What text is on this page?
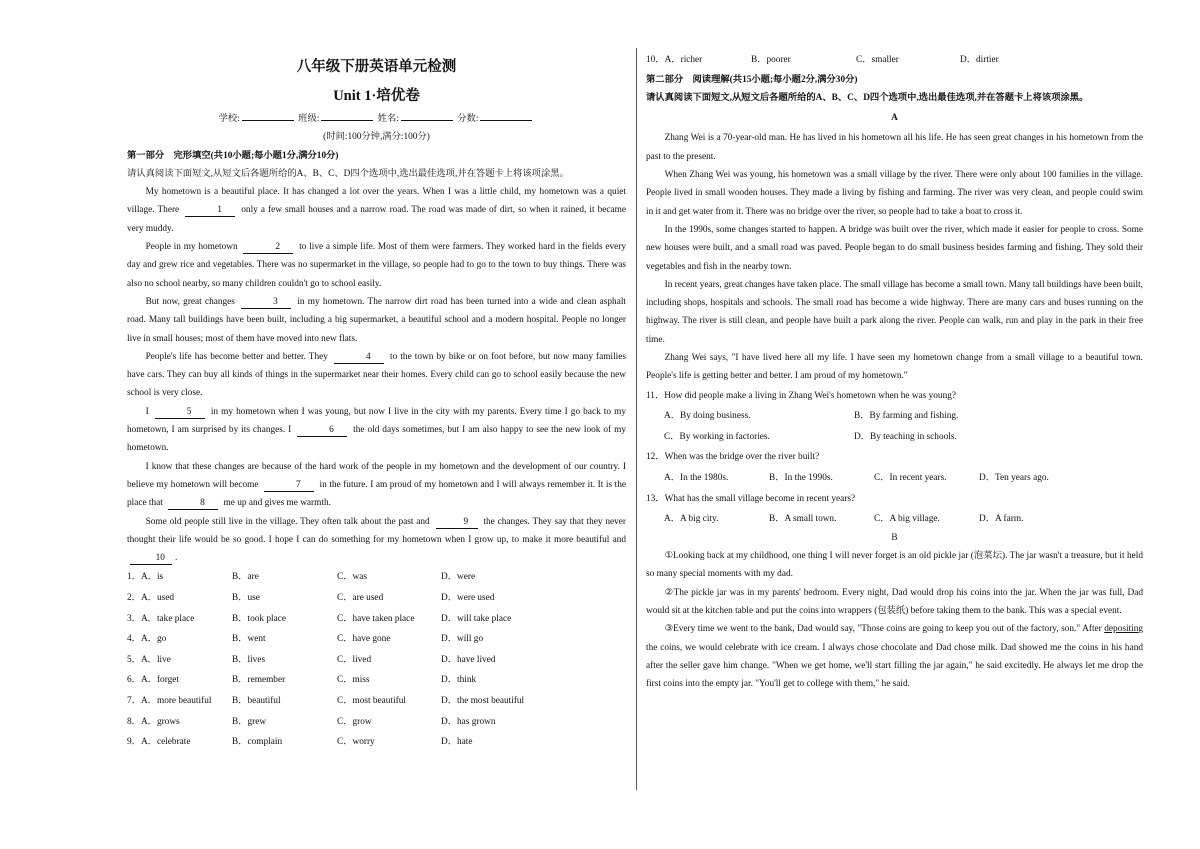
八年级下册英语单元检测
Unit 1·培优卷
学校:	班级:	姓名:	分数:
(时间:100分钟,满分:100分)
第一部分　完形填空(共10小题;每小题1分,满分10分)
请认真阅读下面短文,从短文后各题所给的A、B、C、D四个选项中,选出最佳选项,并在答题卡上将该项涂黑。

My hometown is a beautiful place. It has changed a lot over the years. When I was a little child, my hometown was a quiet village. There	1 only a few small houses and a narrow road. The road was made of dirt, so when it rained, it became very muddy.

People in my hometown	2 to live a simple life. Most of them were farmers. They worked hard in the fields every day and grew rice and vegetables. There was no supermarket in the village, so people had to go to the town to buy things. There was also no school nearby, so many children couldn't go to school easily.

But now, great changes	3 in my hometown. The narrow dirt road has been turned into a wide and clean asphalt road. Many tall buildings have been built, including a big supermarket, a beautiful school and a modern hospital. People no longer live in small houses; most of them have moved into new flats.

People's life has become better and better. They	4 to the town by bike or on foot before, but now many families have cars. They can buy all kinds of things in the supermarket near their homes. Every child can go to school easily because the new school is very close.

I	5 in my hometown when I was young, but now I live in the city with my parents. Every time I go back to my hometown, I am surprised by its changes. I	6 the old days sometimes, but I am also happy to see the new look of my hometown.

I know that these changes are because of the hard work of the people in my hometown and the development of our country. I believe my hometown will become	7 in the future. I am proud of my hometown and I will always remember it. It is the place that	8 me up and gives me warmth.

Some old people still live in the village. They often talk about the past and	9 the changes. They say that they never thought their life would be so good. I hope I can do something for my hometown when I grow up, to make it more beautiful and 10 .

1．A．is	B．are	C．was	D．were
2．A．used	B．use	C．are used	D．were used
3．A．take place	B．took place	C．have taken place	D．will take place
4．A．go	B．went	C．have gone	D．will go
5．A．live	B．lives	C．lived	D．have lived
6．A．forget	B．remember	C．miss	D．think
7．A．more beautiful	B．beautiful	C．most beautiful	D．the most beautiful
8．A．grows	B．grew	C．grow	D．has grown
9．A．celebrate	B．complain	C．worry	D．hate
10．A．richer	B．poorer	C．smaller	D．dirtier
第二部分　阅读理解(共15小题;每小题2分,满分30分)
请认真阅读下面短文,从短文后各题所给的A、B、C、D四个选项中,选出最佳选项,并在答题卡上将该项涂黑。
A

Zhang Wei is a 70-year-old man. He has lived in his hometown all his life. He has seen great changes in his hometown from the past to the present.

When Zhang Wei was young, his hometown was a small village by the river. There were only about 100 families in the village. People lived in small wooden houses. They made a living by fishing and farming. The river was very clean, and people could swim in it and get water from it. There was no bridge over the river, so people had to take a boat to cross it.

In the 1990s, some changes started to happen. A bridge was built over the river, which made it easier for people to cross. Some new houses were built, and a small road was paved. People began to do small business besides farming and fishing. They sold their vegetables and fish in the nearby town.

In recent years, great changes have taken place. The small village has become a small town. Many tall buildings have been built, including shops, hospitals and schools. The small road has become a wide highway. There are many cars and buses running on the highway. The river is still clean, and people have built a park along the river. People can walk, run and play in the park in their free time.

Zhang Wei says, "I have lived here all my life. I have seen my hometown change from a small village to a beautiful town. People's life is getting better and better. I am proud of my hometown."

11．How did people make a living in Zhang Wei's hometown when he was young?
A．By doing business.	B．By farming and fishing.
C．By working in factories.	D．By teaching in schools.
12．When was the bridge over the river built?
A．In the 1980s.	B．In the 1990s.	C．In recent years.	D．Ten years ago.
13．What has the small village become in recent years?
A．A big city.	B．A small town.	C．A big village.	D．A farm.
B

①Looking back at my childhood, one thing I will never forget is an old pickle jar (泡菜坛). The jar wasn't a treasure, but it held so many special moments with my dad.

②The pickle jar was in my parents' bedroom. Every night, Dad would drop his coins into the jar. When the jar was full, Dad would sit at the kitchen table and put the coins into wrappers (包装纸) before taking them to the bank. This was a special event.

③Every time we went to the bank, Dad would say, "Those coins are going to keep you out of the factory, son." After depositing the coins, we would celebrate with ice cream. I always chose chocolate and Dad chose milk. Dad showed me the coins in his hand after the seller gave him change. "When we get home, we'll start filling the jar again," he said excitedly. He always let me drop the first coins into the empty jar. "You'll get to college with them," he said.
